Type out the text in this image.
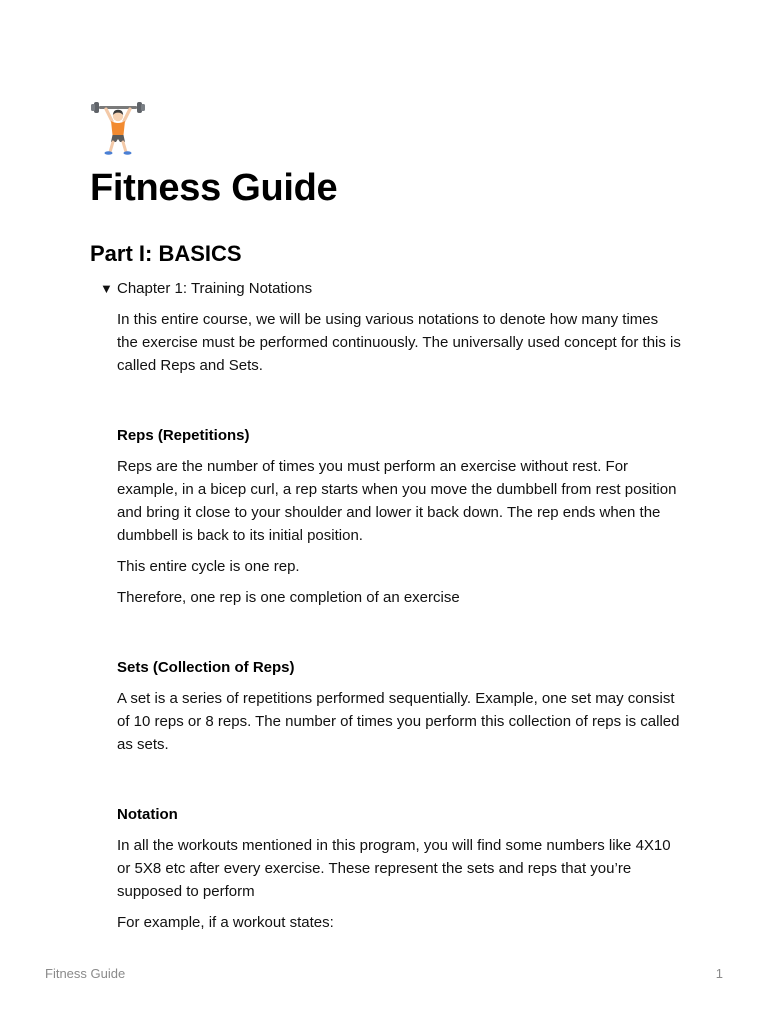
Fitness Guide
Part I: BASICS
▼ Chapter 1: Training Notations

In this entire course, we will be using various notations to denote how many times the exercise must be performed continuously. The universally used concept for this is called Reps and Sets.

Reps (Repetitions)

Reps are the number of times you must perform an exercise without rest. For example, in a bicep curl, a rep starts when you move the dumbbell from rest position and bring it close to your shoulder and lower it back down. The rep ends when the dumbbell is back to its initial position.

This entire cycle is one rep.

Therefore, one rep is one completion of an exercise

Sets (Collection of Reps)

A set is a series of repetitions performed sequentially. Example, one set may consist of 10 reps or 8 reps. The number of times you perform this collection of reps is called as sets.

Notation

In all the workouts mentioned in this program, you will find some numbers like 4X10 or 5X8 etc after every exercise. These represent the sets and reps that you’re supposed to perform

For example, if a workout states:

Fitness Guide	1
